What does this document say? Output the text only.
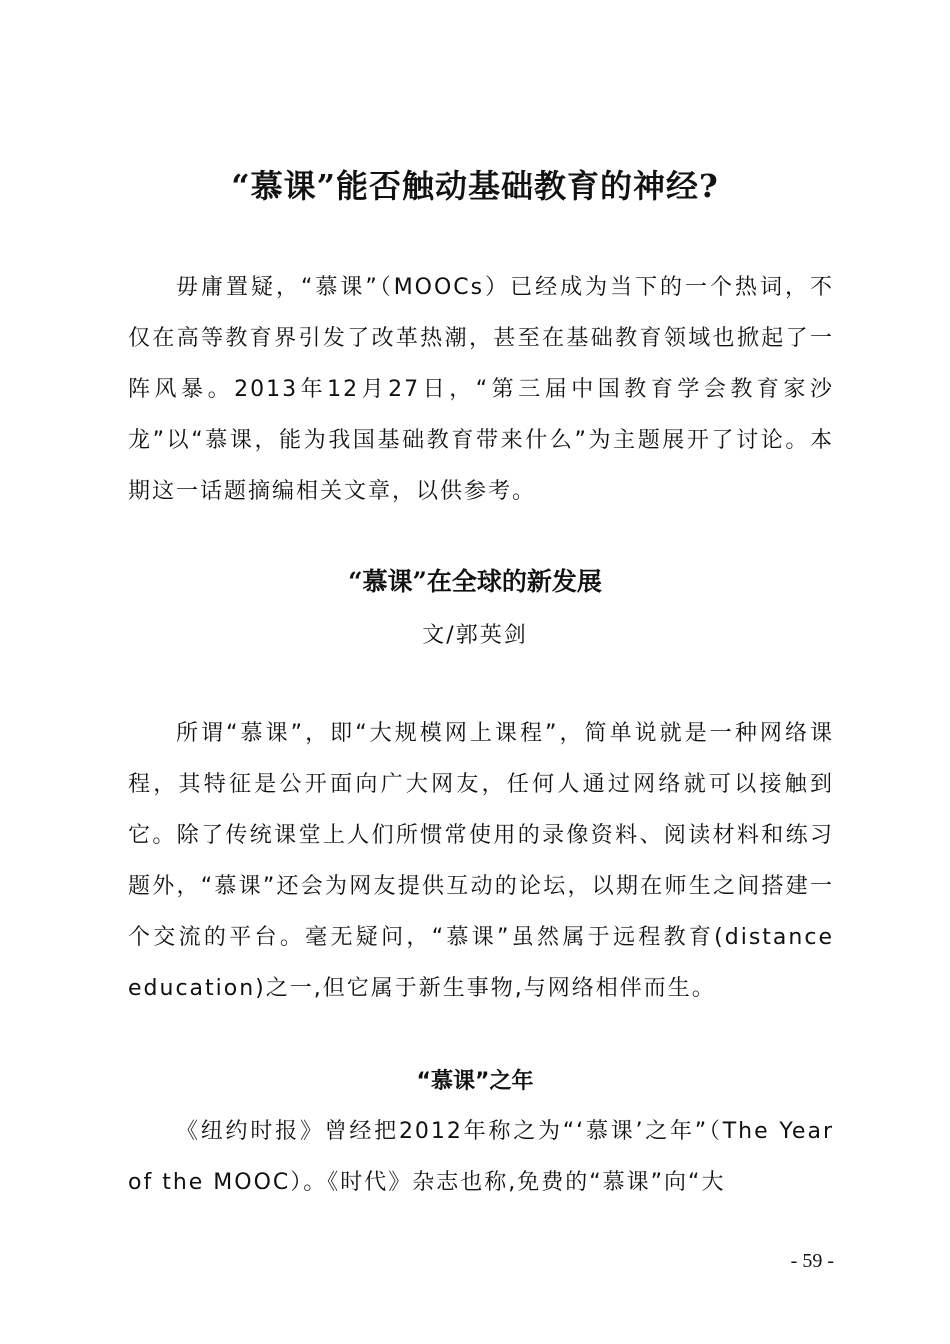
“慕课”能否触动基础教育的神经?

毋庸置疑，“慕课”（MOOCs）已经成为当下的一个热词，不仅在高等教育界引发了改革热潮，甚至在基础教育领域也掀起了一阵风暴。2013年12月27日，“第三届中国教育学会教育家沙龙”以“慕课，能为我国基础教育带来什么”为主题展开了讨论。本期这一话题摘编相关文章，以供参考。

“慕课”在全球的新发展
文/郭英剑

所谓“慕课”，即“大规模网上课程”，简单说就是一种网络课程，其特征是公开面向广大网友，任何人通过网络就可以接触到它。除了传统课堂上人们所惯常使用的录像资料、阅读材料和练习题外，“慕课”还会为网友提供互动的论坛，以期在师生之间搭建一个交流的平台。毫无疑问，“慕课”虽然属于远程教育(distance education)之一,但它属于新生事物,与网络相伴而生。

“慕课”之年

《纽约时报》曾经把2012年称之为“‘慕课’之年”（The Year of the MOOC）。《时代》杂志也称,免费的“慕课”向“大

- 59 -
